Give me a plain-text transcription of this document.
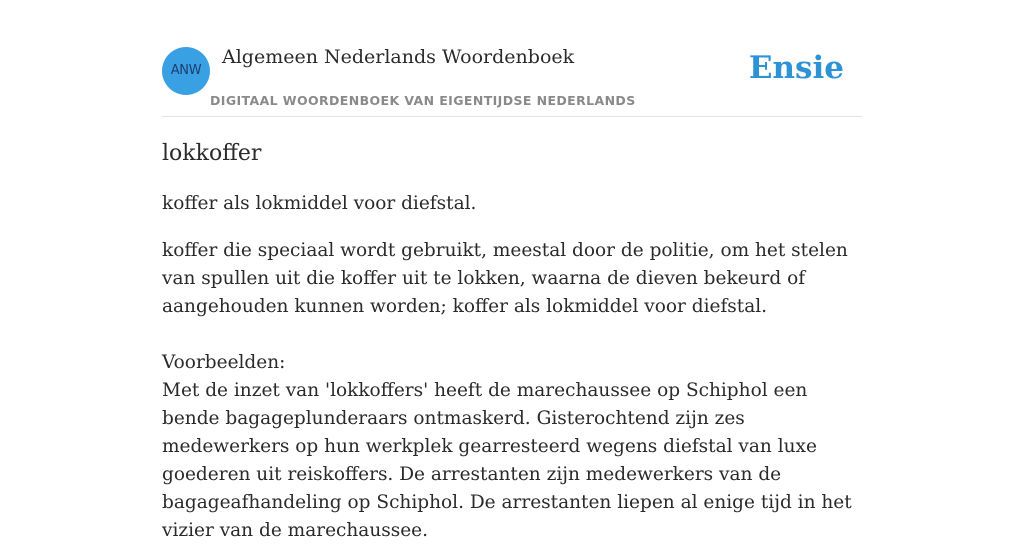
ANW
Algemeen Nederlands Woordenboek
DIGITAAL WOORDENBOEK VAN EIGENTIJDSE NEDERLANDS
Ensie
lokkoffer

koffer als lokmiddel voor diefstal.

koffer die speciaal wordt gebruikt, meestal door de politie, om het stelen van spullen uit die koffer uit te lokken, waarna de dieven bekeurd of aangehouden kunnen worden; koffer als lokmiddel voor diefstal.

Voorbeelden:

Met de inzet van 'lokkoffers' heeft de marechaussee op Schiphol een bende bagageplunderaars ontmaskerd. Gisterochtend zijn zes medewerkers op hun werkplek gearresteerd wegens diefstal van luxe goederen uit reiskoffers. De arrestanten zijn medewerkers van de bagageafhandeling op Schiphol. De arrestanten liepen al enige tijd in het vizier van de marechaussee.
